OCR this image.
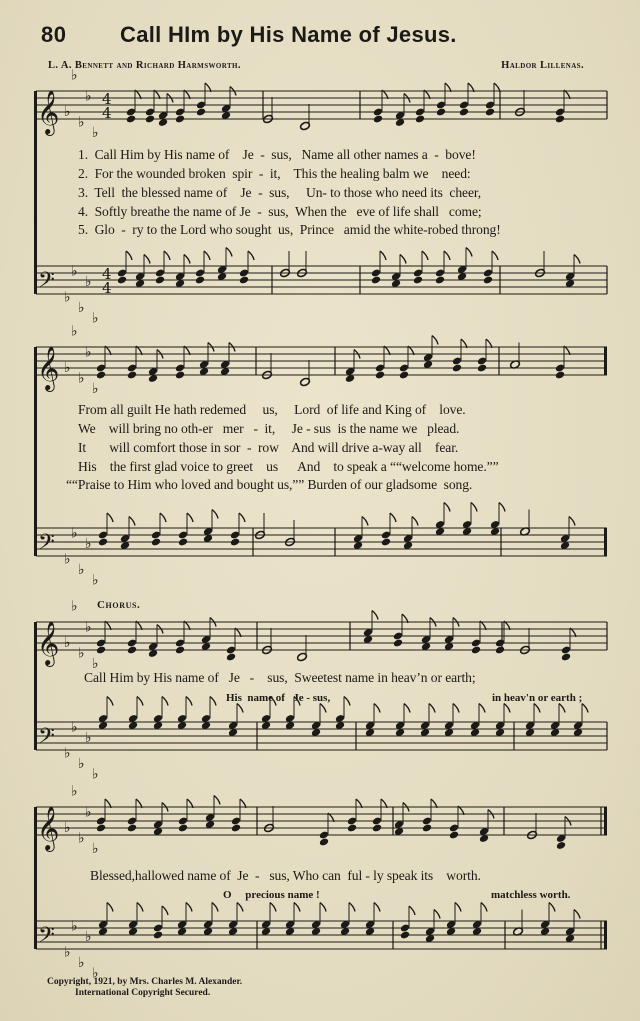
80 Call HIm by His Name of Jesus.
L. A. Bennett and Richard Harmsworth.	Haldor Lillenas.
𝄞 ♭
♭
♭
♭
♭
4
4
𝄢 ♭
♭
♭
♭
♭
4
4
𝄞 ♭
♭
♭
♭
♭
𝄢 ♭
♭
♭
♭
♭
𝄞 ♭
♭
♭
♭
♭
𝄢 ♭
♭
♭
♭
♭
𝄞 ♭
♭
♭
♭
♭
𝄢 ♭
♭
♭
♭
♭
1.  Call Him by His name of    Je  -  sus,   Name all other names a  -  bove!
2.  For the wounded broken  spir  -  it,    This the healing balm we    need:
3.  Tell  the blessed name of    Je  -  sus,     Un- to those who need its  cheer,
4.  Softly breathe the name of Je  -  sus,  When the   eve of life shall   come;
5.  Glo  -  ry to the Lord who sought  us,  Prince   amid the white-robed throng!
From all guilt He hath redemed     us,     Lord  of life and King of    love.
We    will bring no oth-er   mer   -  it,     Je - sus  is the name we   plead.
It       will comfort those in sor  -  row    And will drive a-way all    fear.
His    the first glad voice to greet    us      And    to speak a ““welcome home.””
““Praise to Him who loved and bought us,”” Burden of our gladsome  song.
Chorus.
Call Him by His name of   Je   -    sus,  Sweetest name in heav’n or earth;
His  name of   Je - sus,	in heav'n or earth ;
Blessed,hallowed name of  Je  -   sus, Who can  ful - ly speak its    worth.
O     precious name !	matchless worth.
Copyright, 1921, by Mrs. Charles M. Alexander.
International Copyright Secured.
